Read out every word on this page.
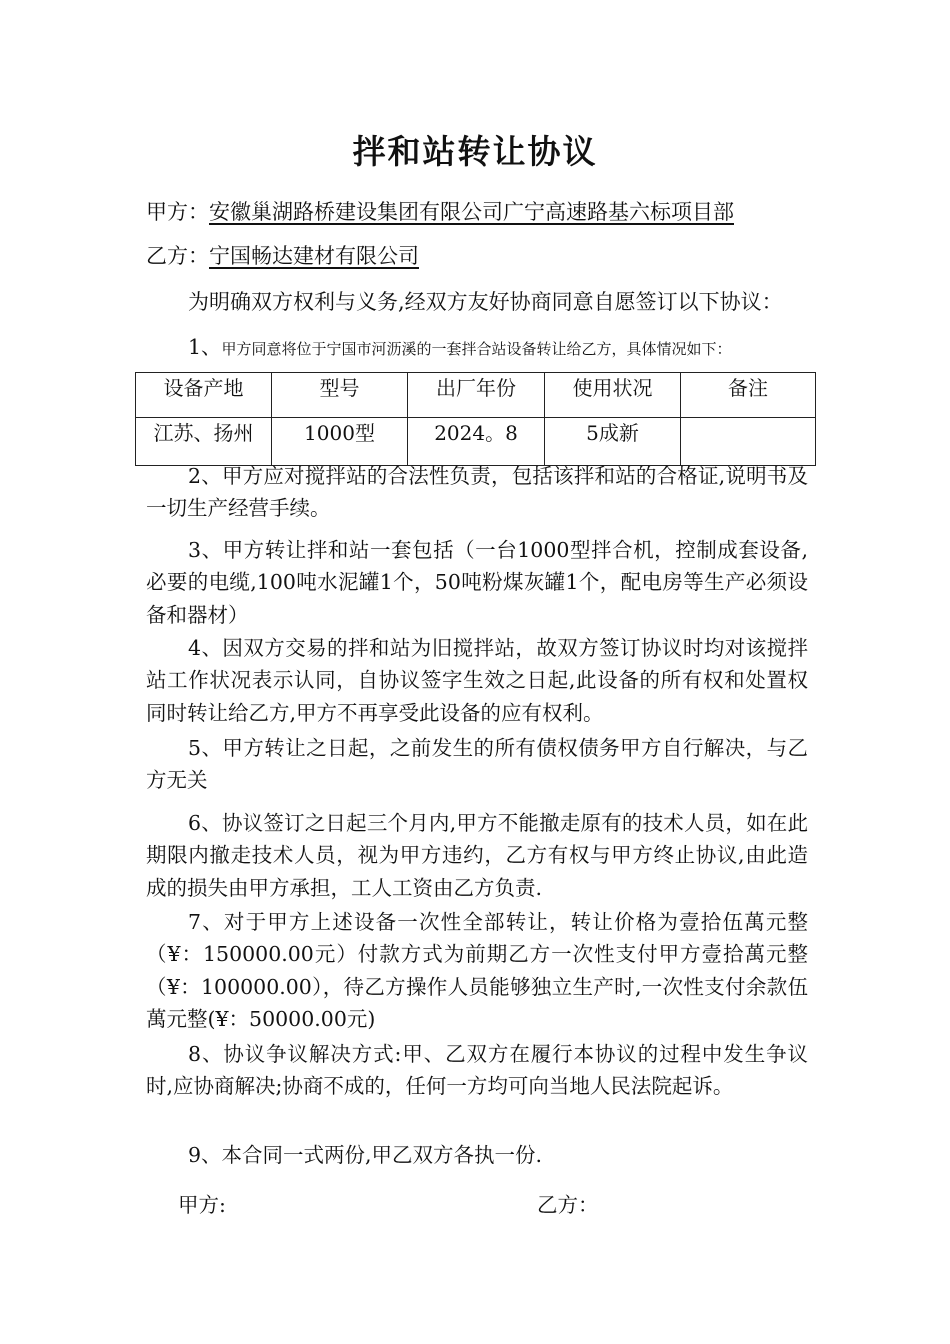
拌和站转让协议
甲方：安徽巢湖路桥建设集团有限公司广宁高速路基六标项目部
乙方：宁国畅达建材有限公司
为明确双方权利与义务,经双方友好协商同意自愿签订以下协议：
1、甲方同意将位于宁国市河沥溪的一套拌合站设备转让给乙方，具体情况如下：
设备产地	型号	出厂年份	使用状况	备注
江苏、扬州	1000型	2024。8	5成新	
2、甲方应对搅拌站的合法性负责，包括该拌和站的合格证,说明书及一切生产经营手续。
3、甲方转让拌和站一套包括（一台1000型拌合机，控制成套设备,必要的电缆,100吨水泥罐1个，50吨粉煤灰罐1个，配电房等生产必须设备和器材）
4、因双方交易的拌和站为旧搅拌站，故双方签订协议时均对该搅拌站工作状况表示认同，自协议签字生效之日起,此设备的所有权和处置权同时转让给乙方,甲方不再享受此设备的应有权利。
5、甲方转让之日起，之前发生的所有债权债务甲方自行解决，与乙方无关
6、协议签订之日起三个月内,甲方不能撤走原有的技术人员，如在此期限内撤走技术人员，视为甲方违约，乙方有权与甲方终止协议,由此造成的损失由甲方承担，工人工资由乙方负责.
7、对于甲方上述设备一次性全部转让，转让价格为壹拾伍萬元整（¥：150000.00元）付款方式为前期乙方一次性支付甲方壹拾萬元整（¥：100000.00），待乙方操作人员能够独立生产时,一次性支付余款伍萬元整(¥：50000.00元)
8、协议争议解决方式:甲、乙双方在履行本协议的过程中发生争议时,应协商解决;协商不成的，任何一方均可向当地人民法院起诉。
9、本合同一式两份,甲乙双方各执一份.
甲方:	乙方：
